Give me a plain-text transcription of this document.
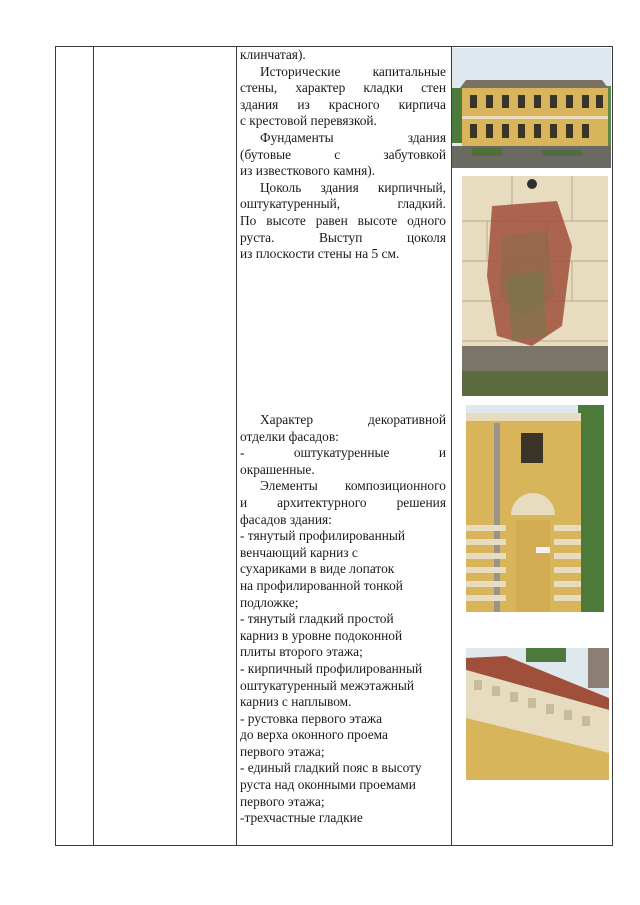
клинчатая).

Исторические капитальные

стены, характер кладки стен

здания из красного кирпича

с крестовой перевязкой.

Фундаменты здания

(бутовые с забутовкой

из известкового камня).

Цоколь здания кирпичный,

оштукатуренный, гладкий.

По высоте равен высоте одного

руста. Выступ цоколя

из плоскости стены на 5 см.

Характер декоративной

отделки фасадов:

- оштукатуренные и

окрашенные.

Элементы композиционного

и архитектурного решения

фасадов здания:

- тянутый профилированный

венчающий карниз с

сухариками в виде лопаток

на профилированной тонкой

подложке;

- тянутый гладкий простой

карниз в уровне подоконной

плиты второго этажа;

- кирпичный профилированный

оштукатуренный межэтажный

карниз с наплывом.

- рустовка первого этажа

до верха оконного проема

первого этажа;

- единый гладкий пояс в высоту

руста над оконными проемами

первого этажа;

-трехчастные гладкие
